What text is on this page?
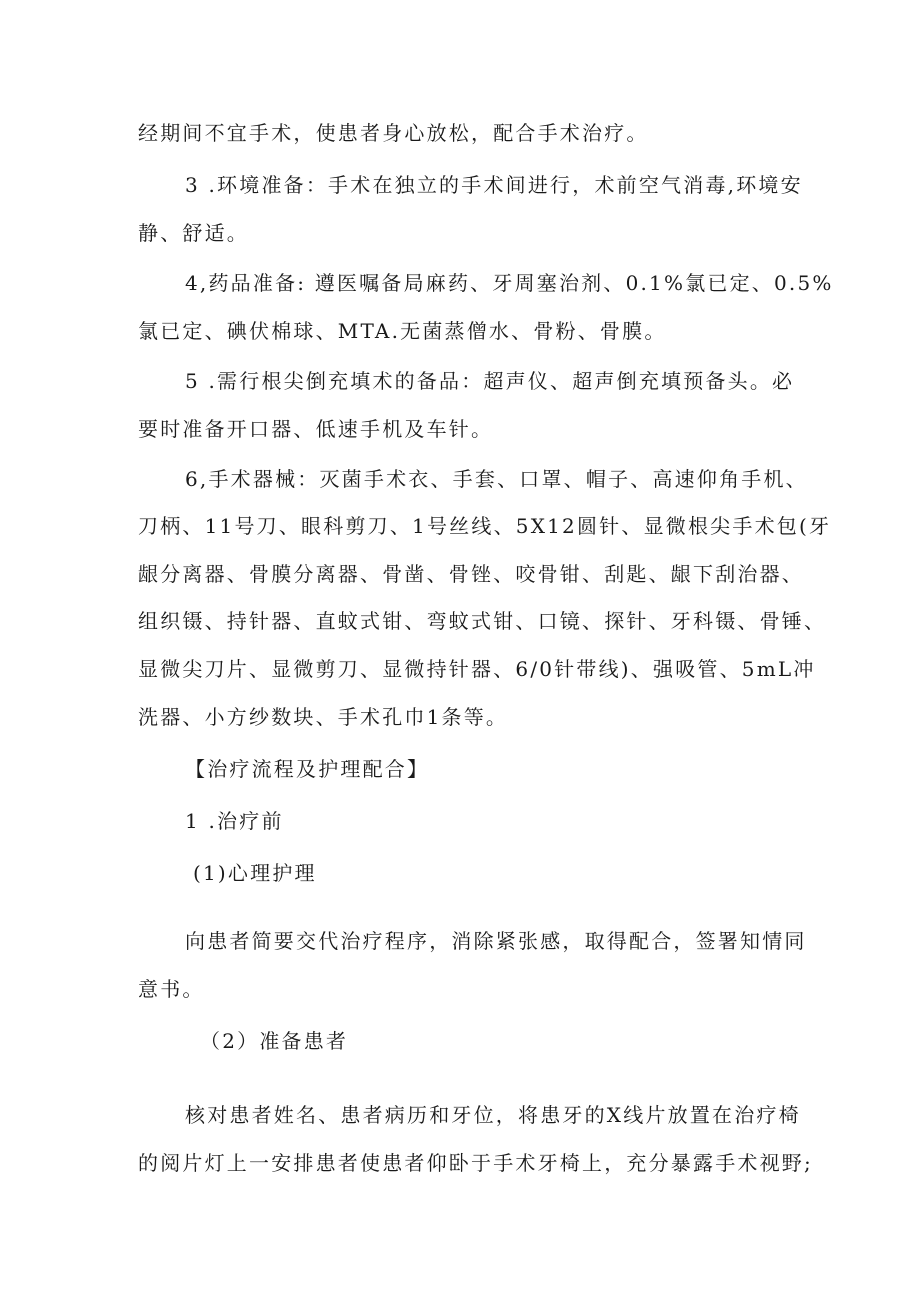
经期间不宜手术，使患者身心放松，配合手术治疗。
3 .环境准备：手术在独立的手术间进行，术前空气消毒,环境安
静、舒适。
4,药品准备: 遵医嘱备局麻药、牙周塞治剂、0.1%氯已定、0.5%
氯已定、碘伏棉球、MTA.无菌蒸僧水、骨粉、骨膜。
5 .需行根尖倒充填术的备品：超声仪、超声倒充填预备头。必
要时准备开口器、低速手机及车针。
6,手术器械：灭菌手术衣、手套、口罩、帽子、高速仰角手机、
刀柄、11号刀、眼科剪刀、1号丝线、5X12圆针、显微根尖手术包(牙
龈分离器、骨膜分离器、骨凿、骨锉、咬骨钳、刮匙、龈下刮治器、
组织镊、持针器、直蚊式钳、弯蚊式钳、口镜、探针、牙科镊、骨锤、
显微尖刀片、显微剪刀、显微持针器、6/0针带线)、强吸管、5mL冲
洗器、小方纱数块、手术孔巾1条等。
【治疗流程及护理配合】
1 .治疗前
(1)心理护理
向患者简要交代治疗程序，消除紧张感，取得配合，签署知情同
意书。
（2）准备患者
核对患者姓名、患者病历和牙位，将患牙的X线片放置在治疗椅
的阅片灯上一安排患者使患者仰卧于手术牙椅上，充分暴露手术视野;
